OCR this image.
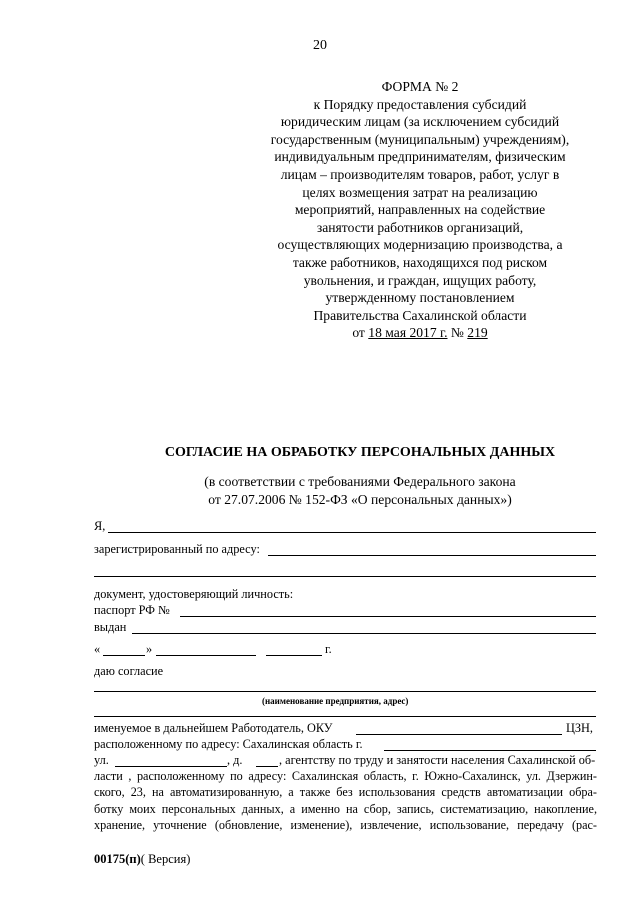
20
ФОРМА № 2
к Порядку предоставления субсидий
юридическим лицам (за исключением субсидий
государственным (муниципальным) учреждениям),
индивидуальным предпринимателям, физическим
лицам – производителям товаров, работ, услуг в
целях возмещения затрат на реализацию
мероприятий, направленных на содействие
занятости работников организаций,
осуществляющих модернизацию производства, а
также работников, находящихся под риском
увольнения, и граждан, ищущих работу,
утвержденному постановлением
Правительства Сахалинской области
от 18 мая 2017 г. № 219
СОГЛАСИЕ НА ОБРАБОТКУ ПЕРСОНАЛЬНЫХ ДАННЫХ
(в соответствии с требованиями Федерального закона
от 27.07.2006 № 152-ФЗ «О персональных данных»)
Я,
зарегистрированный по адресу:
документ, удостоверяющий личность:
паспорт РФ №
выдан
«	»	г.
даю согласие
(наименование предприятия, адрес)
именуемое в дальнейшем Работодатель, ОКУ	ЦЗН,
расположенному по адресу: Сахалинская область г.
ул.	, д.	, агентству по труду и занятости населения Сахалинской об-
ласти , расположенному по адресу: Сахалинская область, г. Южно-Сахалинск, ул. Дзержин-
ского, 23, на автоматизированную, а также без использования средств автоматизации обра-
ботку моих персональных данных, а именно на сбор, запись, систематизацию, накопление,
хранение, уточнение (обновление, изменение), извлечение, использование, передачу (рас-
00175(п)( Версия)
